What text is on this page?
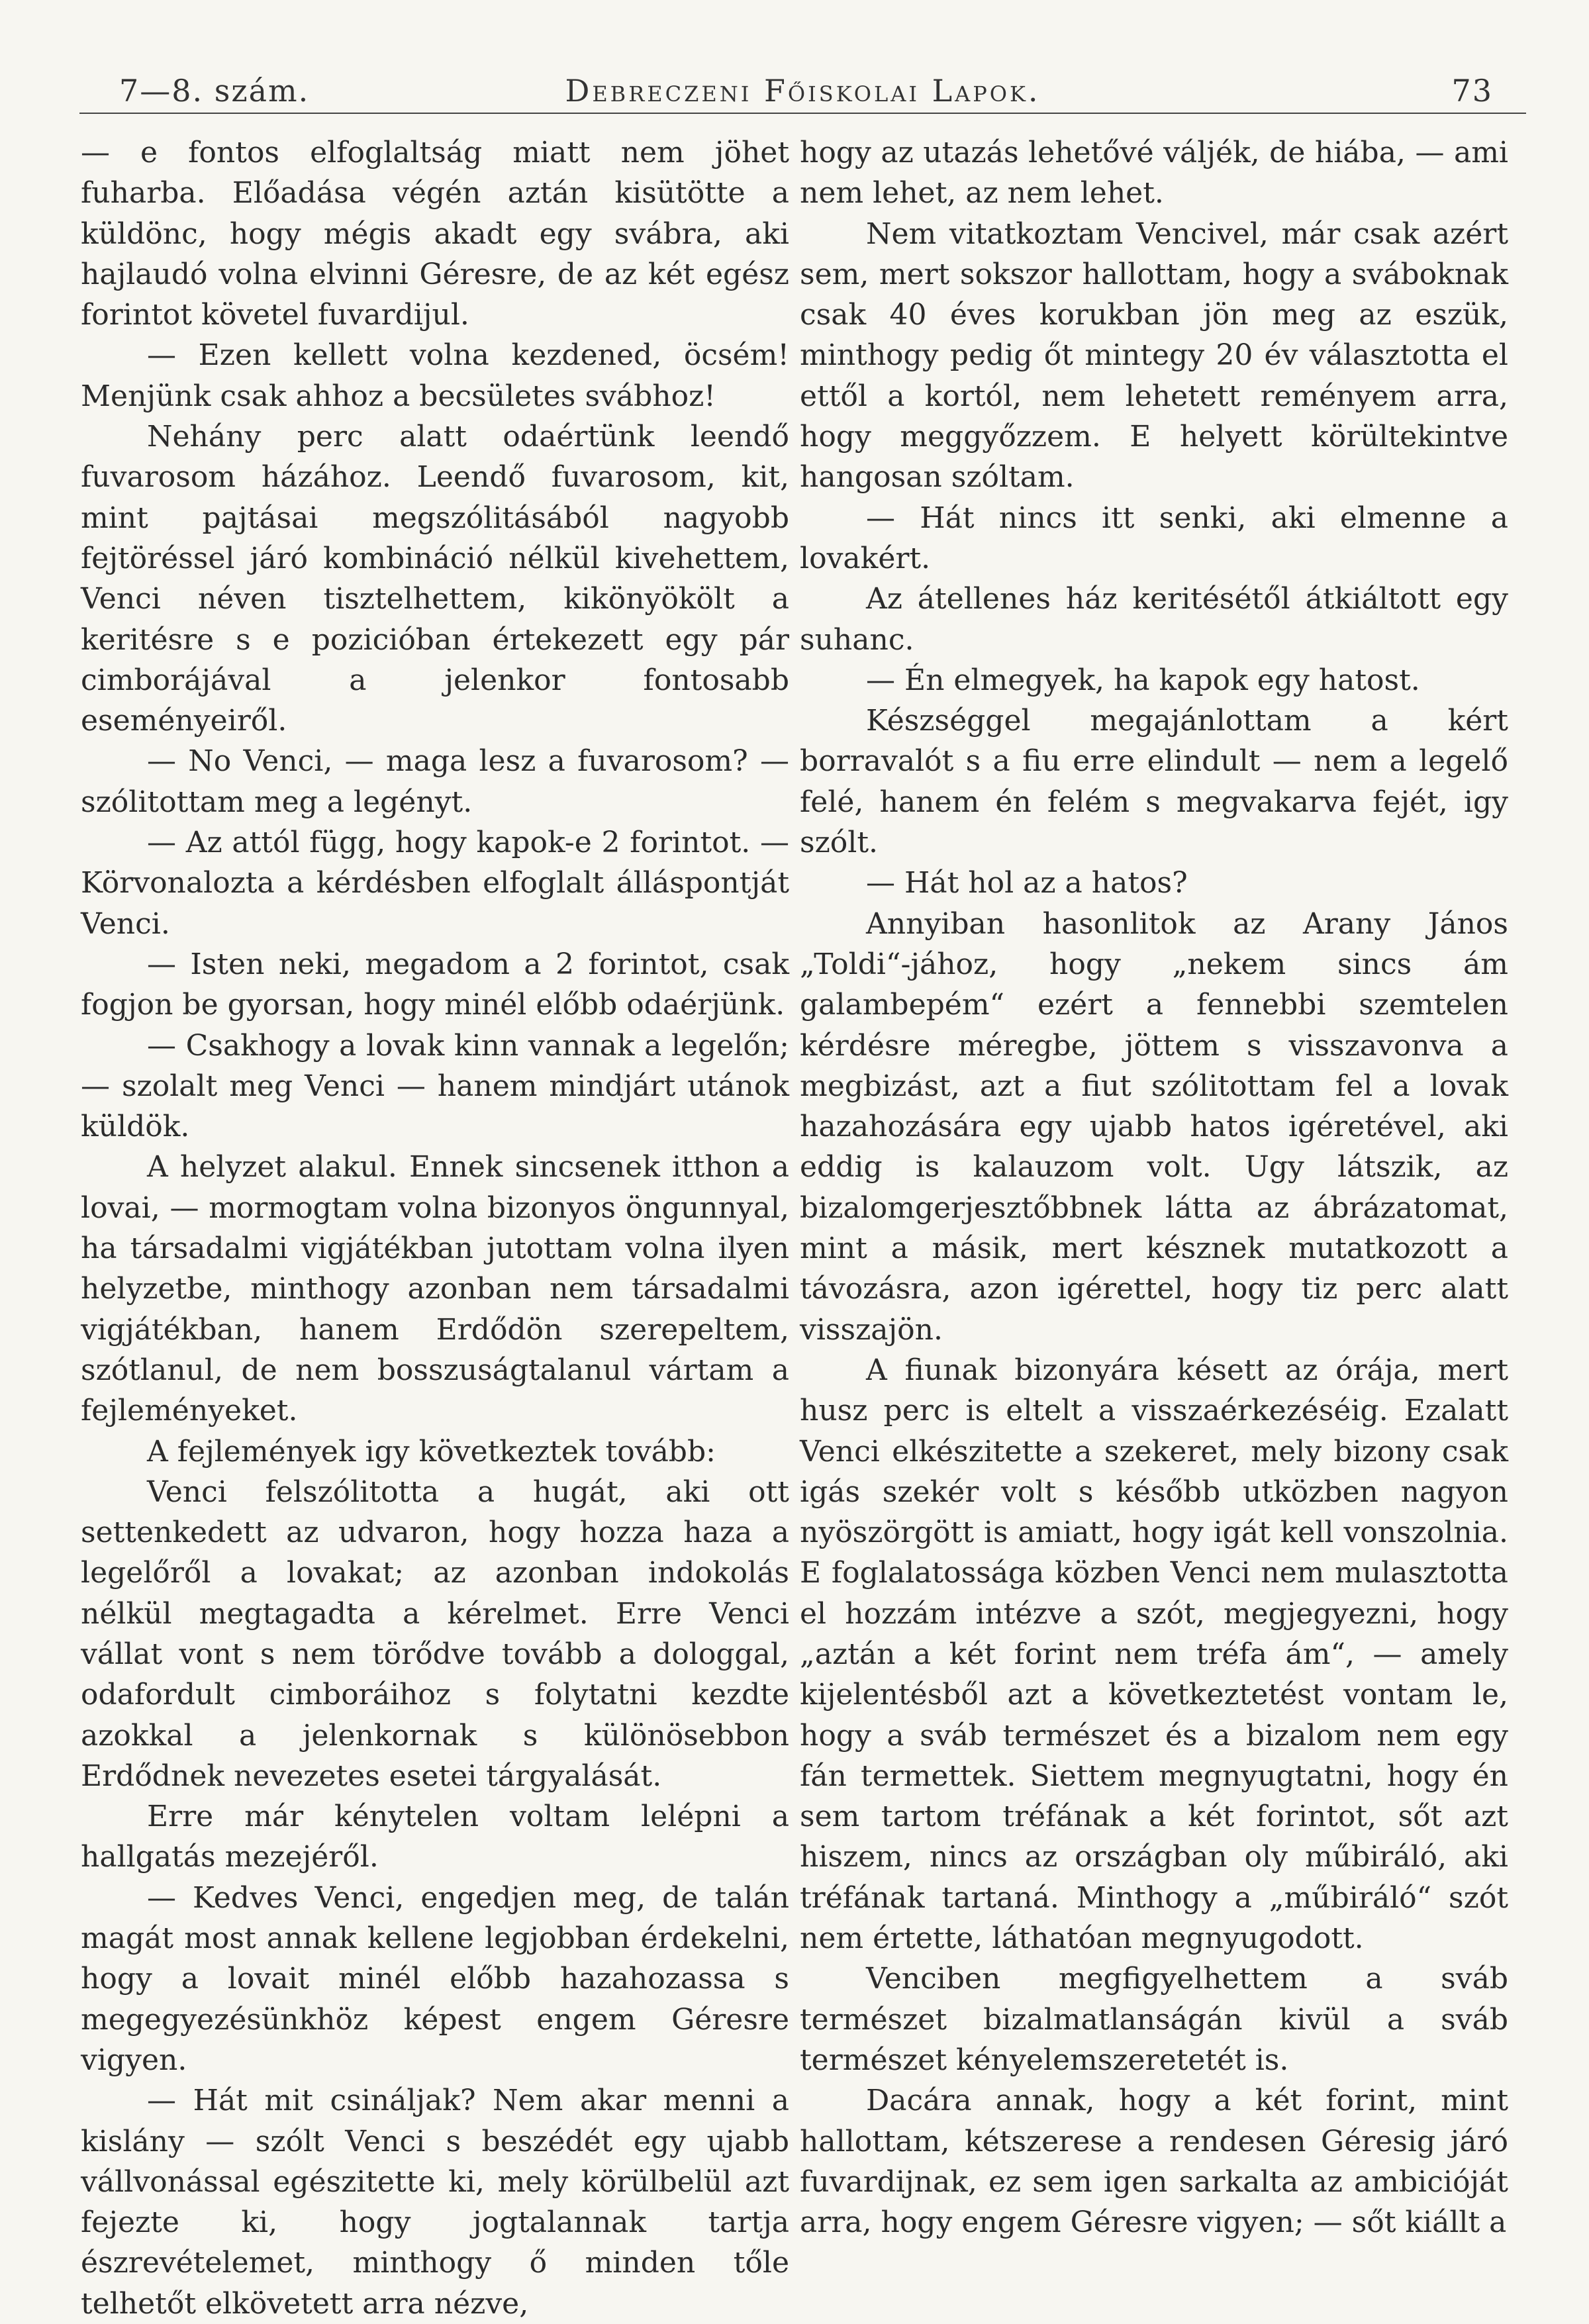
7—8. szám.	Debreczeni Főiskolai Lapok.	73

— e fontos elfoglaltság miatt nem jöhet fuharba. Előadása végén aztán kisütötte a küldönc, hogy mégis akadt egy svábra, aki hajlaudó volna elvinni Géresre, de az két egész forintot követel fuvardijul.

— Ezen kellett volna kezdened, öcsém! Menjünk csak ahhoz a becsületes svábhoz!

Nehány perc alatt odaértünk leendő fuvarosom házához. Leendő fuvarosom, kit, mint pajtásai megszólitásából nagyobb fejtöréssel járó kombináció nélkül kivehettem, Venci néven tisztelhettem, kikönyökölt a keritésre s e pozicióban értekezett egy pár cimborájával a jelenkor fontosabb eseményeiről.

— No Venci, — maga lesz a fuvarosom? — szólitottam meg a legényt.

— Az attól függ, hogy kapok-e 2 forintot. — Körvonalozta a kérdésben elfoglalt álláspontját Venci.

— Isten neki, megadom a 2 forintot, csak fogjon be gyorsan, hogy minél előbb odaérjünk.

— Csakhogy a lovak kinn vannak a legelőn; — szolalt meg Venci — hanem mindjárt utánok küldök.

A helyzet alakul. Ennek sincsenek itthon a lovai, — mormogtam volna bizonyos öngunnyal, ha társadalmi vigjátékban jutottam volna ilyen helyzetbe, minthogy azonban nem társadalmi vigjátékban, hanem Erdődön szerepeltem, szótlanul, de nem bosszuságtalanul vártam a fejleményeket.

A fejlemények igy következtek tovább:

Venci felszólitotta a hugát, aki ott settenkedett az udvaron, hogy hozza haza a legelőről a lovakat; az azonban indokolás nélkül megtagadta a kérelmet. Erre Venci vállat vont s nem törődve tovább a dologgal, odafordult cimboráihoz s folytatni kezdte azokkal a jelenkornak s különösebbon Erdődnek nevezetes esetei tárgyalását.

Erre már kénytelen voltam lelépni a hallgatás mezejéről.

— Kedves Venci, engedjen meg, de talán magát most annak kellene legjobban érdekelni, hogy a lovait minél előbb hazahozassa s megegyezésünkhöz képest engem Géresre vigyen.

— Hát mit csináljak? Nem akar menni a kislány — szólt Venci s beszédét egy ujabb vállvonással egészitette ki, mely körülbelül azt fejezte ki, hogy jogtalannak tartja észrevételemet, minthogy ő minden tőle telhetőt elkövetett arra nézve,

hogy az utazás lehetővé váljék, de hiába, — ami nem lehet, az nem lehet.

Nem vitatkoztam Vencivel, már csak azért sem, mert sokszor hallottam, hogy a sváboknak csak 40 éves korukban jön meg az eszük, minthogy pedig őt mintegy 20 év választotta el ettől a kortól, nem lehetett reményem arra, hogy meggyőzzem. E helyett körültekintve hangosan szóltam.

— Hát nincs itt senki, aki elmenne a lovakért.

Az átellenes ház keritésétől átkiáltott egy suhanc.

— Én elmegyek, ha kapok egy hatost.

Készséggel megajánlottam a kért borravalót s a fiu erre elindult — nem a legelő felé, hanem én felém s megvakarva fejét, igy szólt.

— Hát hol az a hatos?

Annyiban hasonlitok az Arany János „Toldi“-jához, hogy „nekem sincs ám galambepém“ ezért a fennebbi szemtelen kérdésre méregbe, jöttem s visszavonva a megbizást, azt a fiut szólitottam fel a lovak hazahozására egy ujabb hatos igéretével, aki eddig is kalauzom volt. Ugy látszik, az bizalomgerjesztőbbnek látta az ábrázatomat, mint a másik, mert késznek mutatkozott a távozásra, azon igérettel, hogy tiz perc alatt visszajön.

A fiunak bizonyára késett az órája, mert husz perc is eltelt a visszaérkezéséig. Ezalatt Venci elkészitette a szekeret, mely bizony csak igás szekér volt s később utközben nagyon nyöszörgött is amiatt, hogy igát kell vonszolnia. E foglalatossága közben Venci nem mulasztotta el hozzám intézve a szót, megjegyezni, hogy „aztán a két forint nem tréfa ám“, — amely kijelentésből azt a következtetést vontam le, hogy a sváb természet és a bizalom nem egy fán termettek. Siettem megnyugtatni, hogy én sem tartom tréfának a két forintot, sőt azt hiszem, nincs az országban oly műbiráló, aki tréfának tartaná. Minthogy a „műbiráló“ szót nem értette, láthatóan megnyugodott.

Venciben megfigyelhettem a sváb természet bizalmatlanságán kivül a sváb természet kényelemszeretetét is.

Dacára annak, hogy a két forint, mint hallottam, kétszerese a rendesen Géresig járó fuvardijnak, ez sem igen sarkalta az ambicióját arra, hogy engem Géresre vigyen; — sőt kiállt a
